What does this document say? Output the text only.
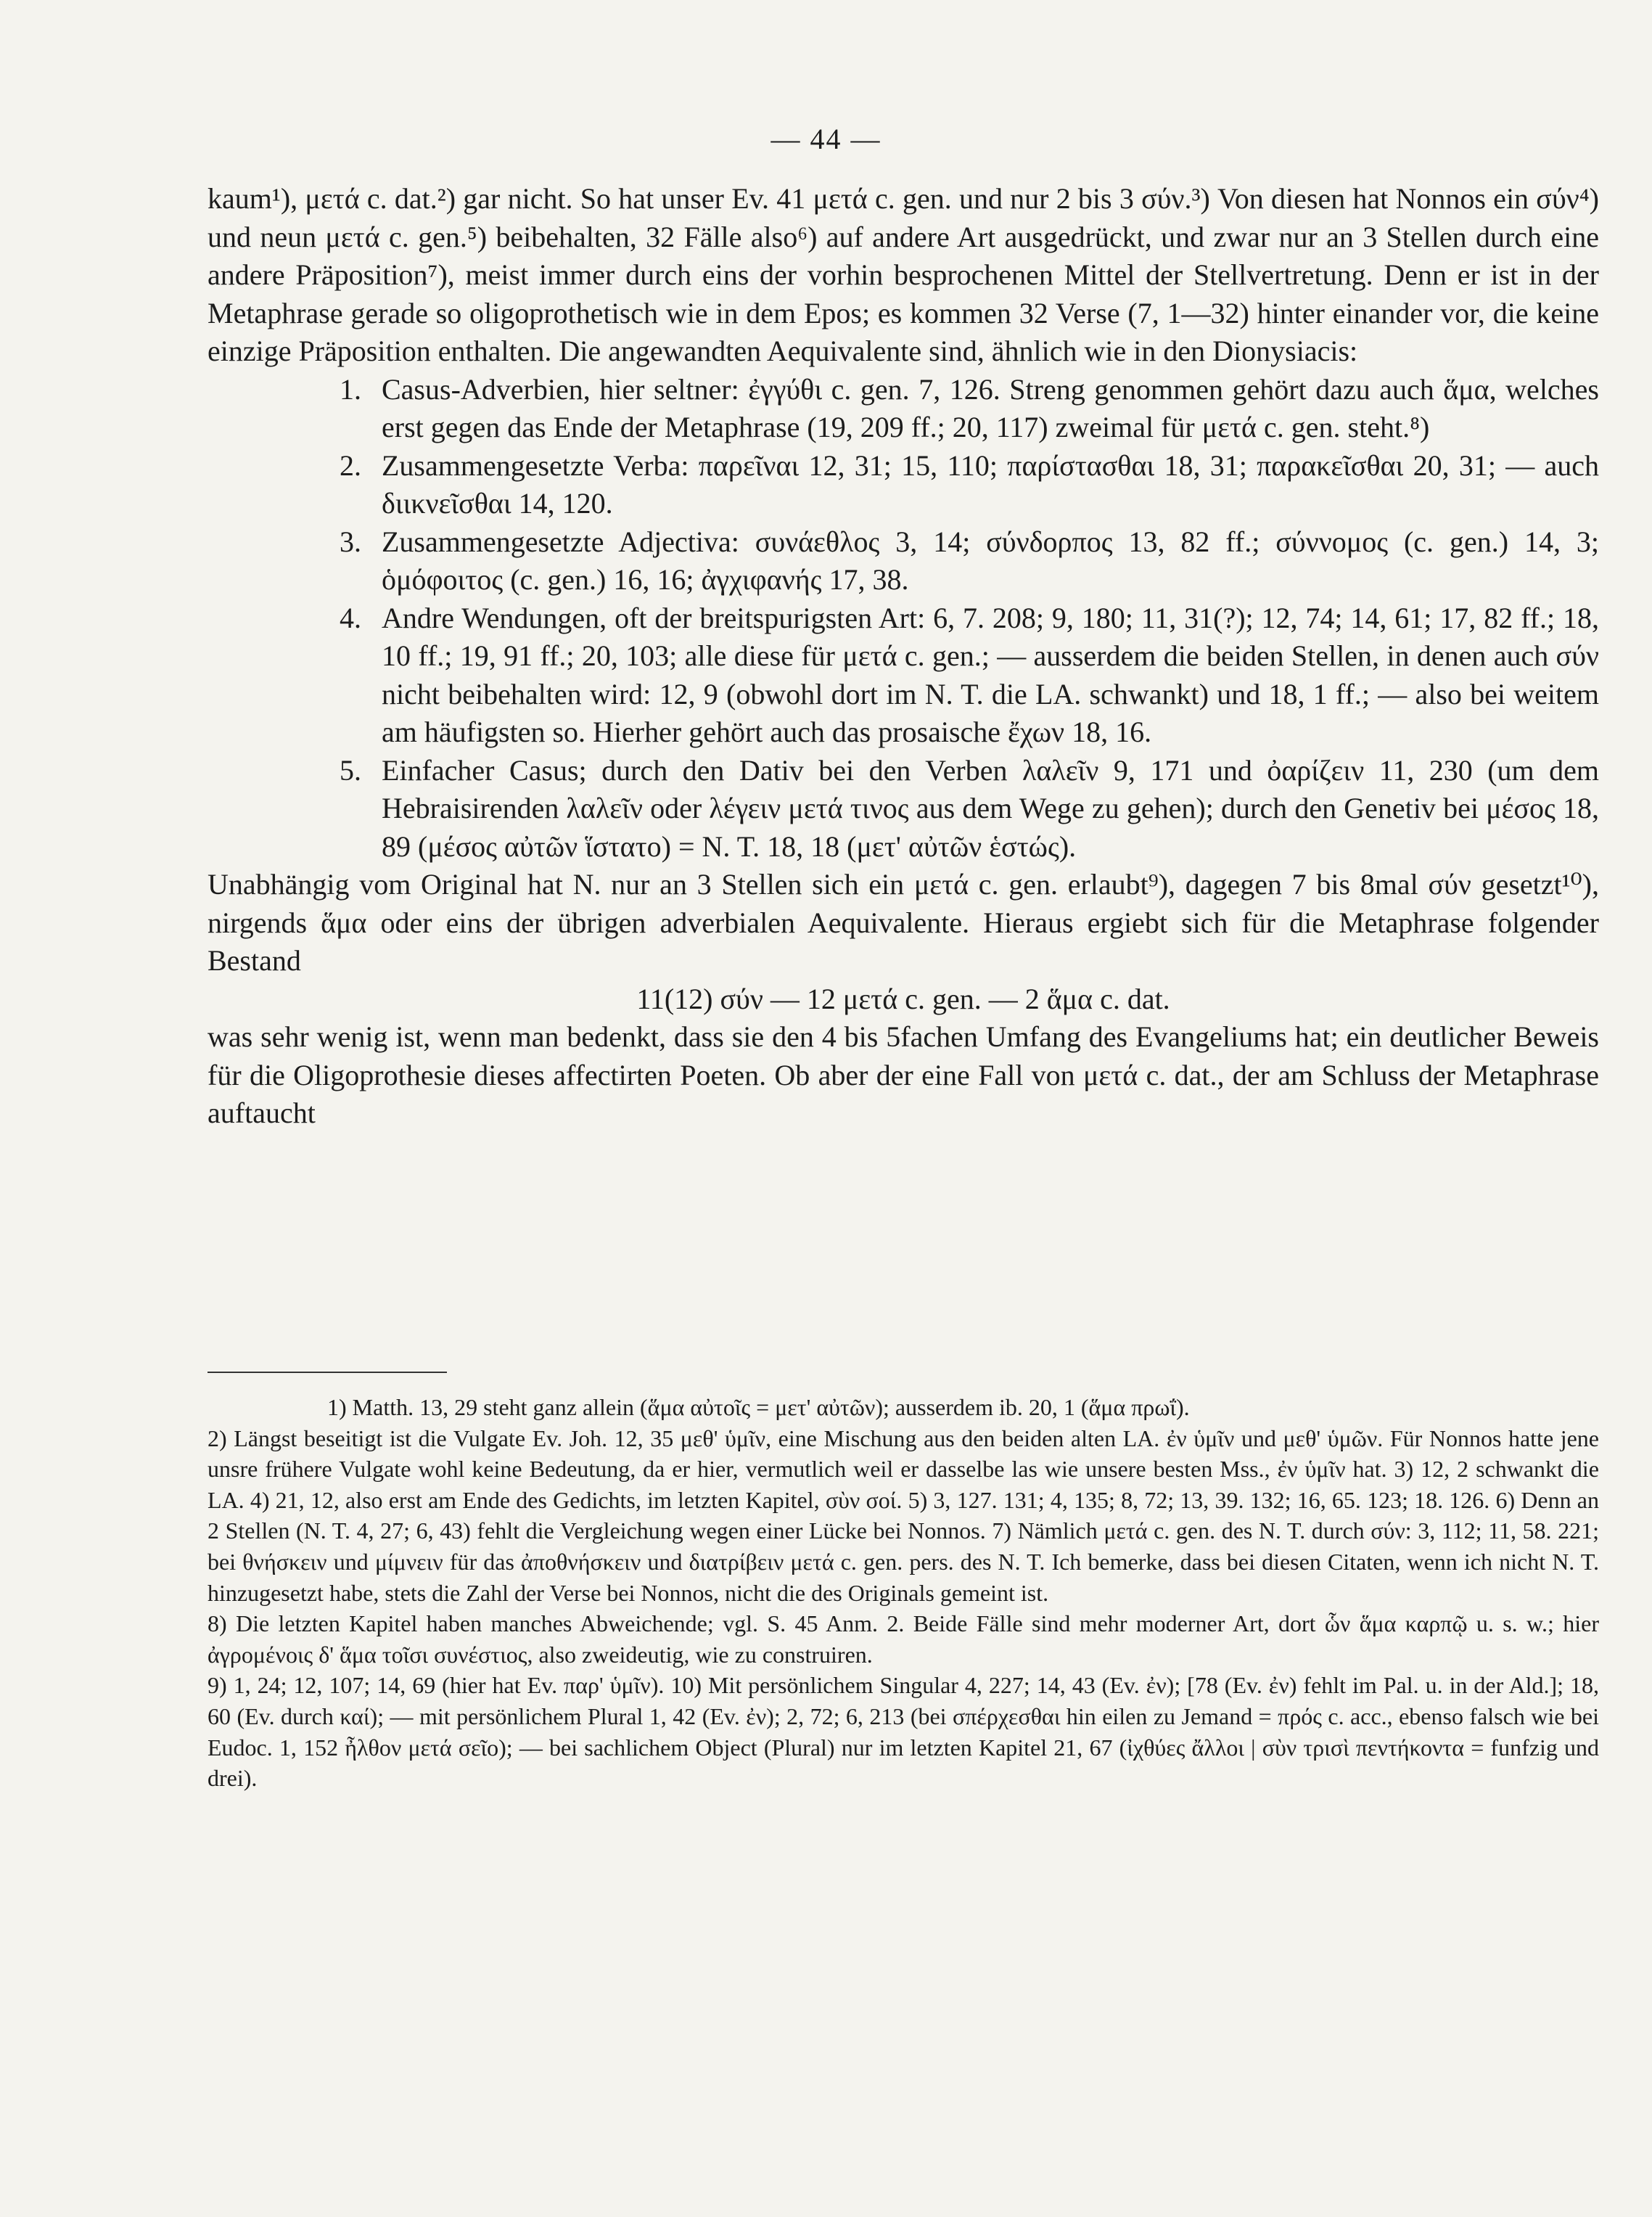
— 44 —

kaum¹), μετά c. dat.²) gar nicht. So hat unser Ev. 41 μετά c. gen. und nur 2 bis 3 σύν.³) Von diesen hat Nonnos ein σύν⁴) und neun μετά c. gen.⁵) beibehalten, 32 Fälle also⁶) auf andere Art ausgedrückt, und zwar nur an 3 Stellen durch eine andere Präposition⁷), meist immer durch eins der vorhin besprochenen Mittel der Stellvertretung. Denn er ist in der Metaphrase gerade so oligoprothetisch wie in dem Epos; es kommen 32 Verse (7, 1—32) hinter einander vor, die keine einzige Präposition enthalten. Die angewandten Aequivalente sind, ähnlich wie in den Dionysiacis:

1. Casus-Adverbien, hier seltner: ἐγγύθι c. gen. 7, 126. Streng genommen gehört dazu auch ἅμα, welches erst gegen das Ende der Metaphrase (19, 209 ff.; 20, 117) zweimal für μετά c. gen. steht.⁸)

2. Zusammengesetzte Verba: παρεῖναι 12, 31; 15, 110; παρίστασθαι 18, 31; παρακεῖσθαι 20, 31; — auch διικνεῖσθαι 14, 120.

3. Zusammengesetzte Adjectiva: συνάεθλος 3, 14; σύνδορπος 13, 82 ff.; σύννομος (c. gen.) 14, 3; ὁμόφοιτος (c. gen.) 16, 16; ἀγχιφανής 17, 38.

4. Andre Wendungen, oft der breitspurigsten Art: 6, 7. 208; 9, 180; 11, 31(?); 12, 74; 14, 61; 17, 82 ff.; 18, 10 ff.; 19, 91 ff.; 20, 103; alle diese für μετά c. gen.; — ausserdem die beiden Stellen, in denen auch σύν nicht beibehalten wird: 12, 9 (obwohl dort im N. T. die LA. schwankt) und 18, 1 ff.; — also bei weitem am häufigsten so. Hierher gehört auch das prosaische ἔχων 18, 16.

5. Einfacher Casus; durch den Dativ bei den Verben λαλεῖν 9, 171 und ὀαρίζειν 11, 230 (um dem Hebraisirenden λαλεῖν oder λέγειν μετά τινος aus dem Wege zu gehen); durch den Genetiv bei μέσος 18, 89 (μέσος αὐτῶν ἵστατο) = N. T. 18, 18 (μετ' αὐτῶν ἑστώς).

Unabhängig vom Original hat N. nur an 3 Stellen sich ein μετά c. gen. erlaubt⁹), dagegen 7 bis 8mal σύν gesetzt¹⁰), nirgends ἅμα oder eins der übrigen adverbialen Aequivalente. Hieraus ergiebt sich für die Metaphrase folgender Bestand

11(12) σύν — 12 μετά c. gen. — 2 ἅμα c. dat.

was sehr wenig ist, wenn man bedenkt, dass sie den 4 bis 5fachen Umfang des Evangeliums hat; ein deutlicher Beweis für die Oligoprothesie dieses affectirten Poeten. Ob aber der eine Fall von μετά c. dat., der am Schluss der Metaphrase auftaucht

1) Matth. 13, 29 steht ganz allein (ἅμα αὐτοῖς = μετ' αὐτῶν); ausserdem ib. 20, 1 (ἅμα πρωΐ).

2) Längst beseitigt ist die Vulgate Ev. Joh. 12, 35 μεθ' ὑμῖν, eine Mischung aus den beiden alten LA. ἐν ὑμῖν und μεθ' ὑμῶν. Für Nonnos hatte jene unsre frühere Vulgate wohl keine Bedeutung, da er hier, vermutlich weil er dasselbe las wie unsere besten Mss., ἐν ὑμῖν hat. 3) 12, 2 schwankt die LA. 4) 21, 12, also erst am Ende des Gedichts, im letzten Kapitel, σὺν σοί. 5) 3, 127. 131; 4, 135; 8, 72; 13, 39. 132; 16, 65. 123; 18. 126. 6) Denn an 2 Stellen (N. T. 4, 27; 6, 43) fehlt die Vergleichung wegen einer Lücke bei Nonnos. 7) Nämlich μετά c. gen. des N. T. durch σύν: 3, 112; 11, 58. 221; bei θνήσκειν und μίμνειν für das ἀποθνήσκειν und διατρίβειν μετά c. gen. pers. des N. T. Ich bemerke, dass bei diesen Citaten, wenn ich nicht N. T. hinzugesetzt habe, stets die Zahl der Verse bei Nonnos, nicht die des Originals gemeint ist.

8) Die letzten Kapitel haben manches Abweichende; vgl. S. 45 Anm. 2. Beide Fälle sind mehr moderner Art, dort ὧν ἅμα καρπῷ u. s. w.; hier ἀγρομένοις δ' ἅμα τοῖσι συνέστιος, also zweideutig, wie zu construiren.

9) 1, 24; 12, 107; 14, 69 (hier hat Ev. παρ' ὑμῖν). 10) Mit persönlichem Singular 4, 227; 14, 43 (Ev. ἐν); [78 (Ev. ἐν) fehlt im Pal. u. in der Ald.]; 18, 60 (Ev. durch καί); — mit persönlichem Plural 1, 42 (Ev. ἐν); 2, 72; 6, 213 (bei σπέρχεσθαι hin eilen zu Jemand = πρός c. acc., ebenso falsch wie bei Eudoc. 1, 152 ἦλθον μετά σεῖο); — bei sachlichem Object (Plural) nur im letzten Kapitel 21, 67 (ἰχθύες ἄλλοι | σὺν τρισὶ πεντήκοντα = funfzig und drei).
